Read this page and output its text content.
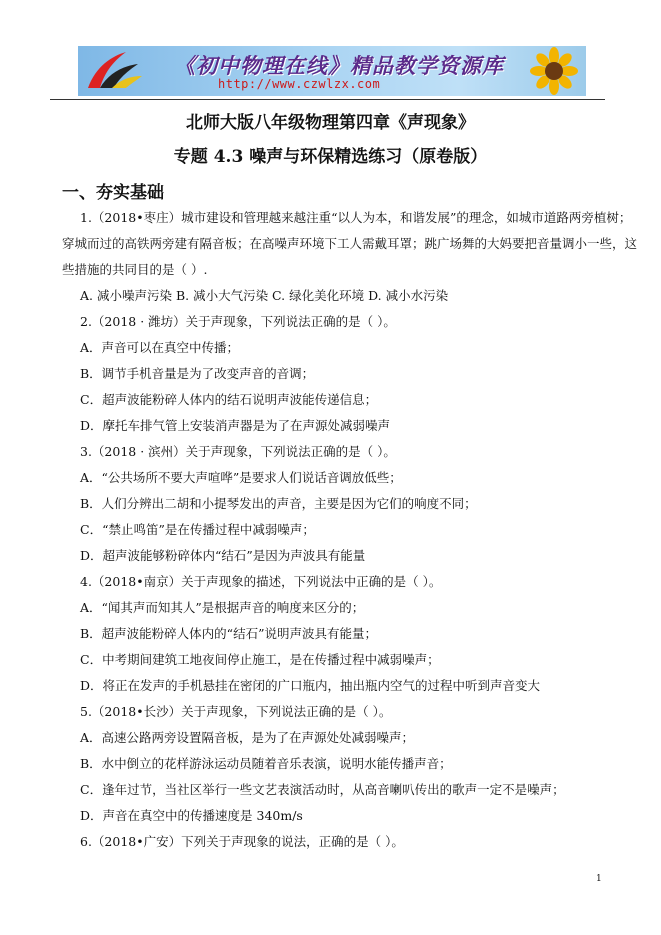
《初中物理在线》精品教学资源库
http://www.czwlzx.com
北师大版八年级物理第四章《声现象》
专题 4.3 噪声与环保精选练习（原卷版）
一、夯实基础
1.（2018•枣庄）城市建设和管理越来越注重“以人为本，和谐发展”的理念，如城市道路两旁植树；
穿城而过的高铁两旁建有隔音板；在高噪声环境下工人需戴耳罩；跳广场舞的大妈要把音量调小一些，这
些措施的共同目的是（ ）.
A. 减小噪声污染 B. 减小大气污染 C. 绿化美化环境 D. 减小水污染
2.（2018 · 潍坊）关于声现象，下列说法正确的是（ ）。
A．声音可以在真空中传播；
B．调节手机音量是为了改变声音的音调；
C．超声波能粉碎人体内的结石说明声波能传递信息；
D．摩托车排气管上安装消声器是为了在声源处减弱噪声
3.（2018 · 滨州）关于声现象，下列说法正确的是（ ）。
A．“公共场所不要大声喧哗”是要求人们说话音调放低些；
B．人们分辨出二胡和小提琴发出的声音，主要是因为它们的响度不同；
C．“禁止鸣笛”是在传播过程中减弱噪声；
D．超声波能够粉碎体内“结石”是因为声波具有能量
4.（2018•南京）关于声现象的描述，下列说法中正确的是（ ）。
A．“闻其声而知其人”是根据声音的响度来区分的；
B．超声波能粉碎人体内的“结石”说明声波具有能量；
C．中考期间建筑工地夜间停止施工，是在传播过程中减弱噪声；
D．将正在发声的手机悬挂在密闭的广口瓶内，抽出瓶内空气的过程中听到声音变大
5.（2018•长沙）关于声现象，下列说法正确的是（ ）。
A．高速公路两旁设置隔音板，是为了在声源处处减弱噪声；
B．水中倒立的花样游泳运动员随着音乐表演，说明水能传播声音；
C．逢年过节，当社区举行一些文艺表演活动时，从高音喇叭传出的歌声一定不是噪声；
D．声音在真空中的传播速度是 340m/s
6.（2018•广安）下列关于声现象的说法，正确的是（ ）。
1
